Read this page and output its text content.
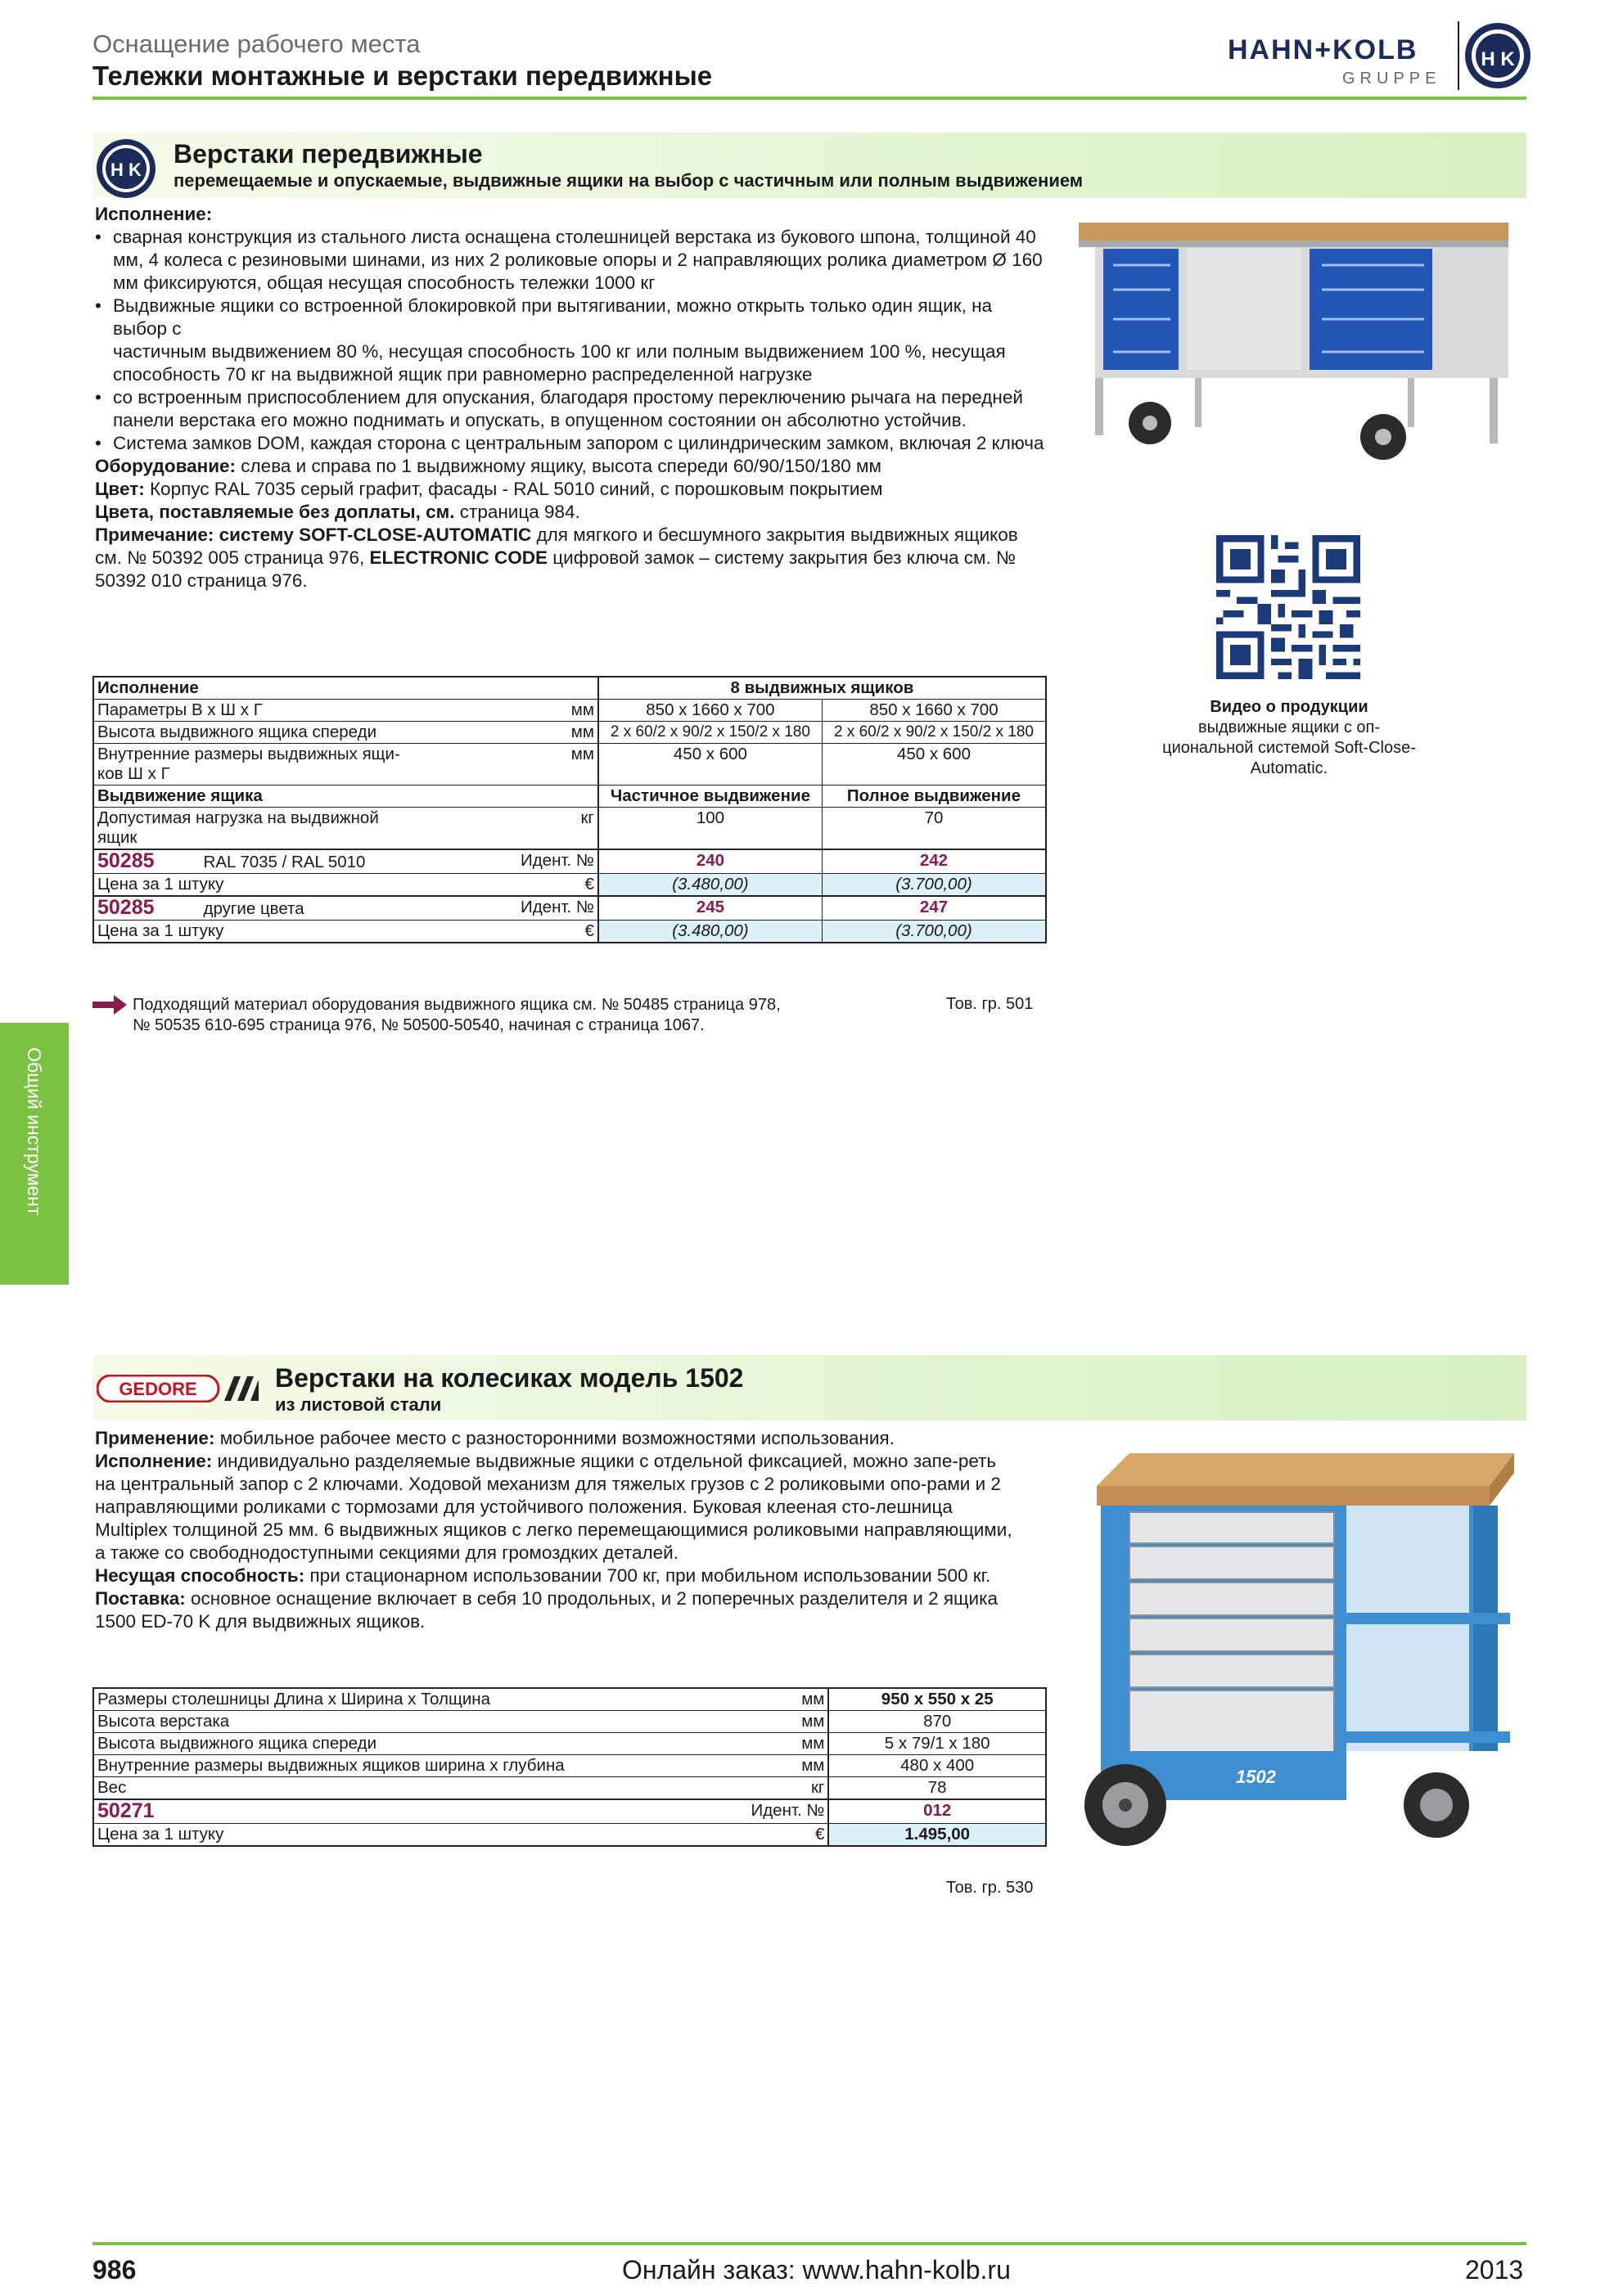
Оснащение рабочего места
Тележки монтажные и верстаки передвижные
HAHN+KOLB
GRUPPE
H K
H K
Верстаки передвижные
перемещаемые и опускаемые, выдвижные ящики на выбор с частичным или полным выдвижением

Исполнение:

• сварная конструкция из стального листа оснащена столешницей верстака из букового шпона, толщиной 40 мм, 4 колеса с резиновыми шинами, из них 2 роликовые опоры и 2 направляющих ролика диаметром Ø 160 мм фиксируются, общая несущая способность тележки 1000 кг

• Выдвижные ящики со встроенной блокировкой при вытягивании, можно открыть только один ящик, на выбор с

частичным выдвижением 80 %, несущая способность 100 кг или полным выдвижением 100 %, несущая способность 70 кг на выдвижной ящик при равномерно распределенной нагрузке

• со встроенным приспособлением для опускания, благодаря простому переключению рычага на передней панели верстака его можно поднимать и опускать, в опущенном состоянии он абсолютно устойчив.

• Система замков DOM, каждая сторона с центральным запором с цилиндрическим замком, включая 2 ключа

Оборудование: слева и справа по 1 выдвижному ящику, высота спереди 60/90/150/180 мм

Цвет: Корпус RAL 7035 серый графит, фасады - RAL 5010 синий, с порошковым покрытием

Цвета, поставляемые без доплаты, см. страница 984.

Примечание: системy SOFT-CLOSE-AUTOMATIC для мягкого и бесшумного закрытия выдвижных ящиков см. № 50392 005 страница 976, ELECTRONIC CODE цифровой замок – систему закрытия без ключа см. № 50392 010 страница 976.

Видео о продукции
выдвижные ящики с оп-циональной системой Soft-Close-Automatic.
Исполнение		8 выдвижных ящиков	
Параметры В х Ш х Г	мм	850 x 1660 x 700	850 x 1660 x 700
Высота выдвижного ящика спереди	мм	2 x 60/2 x 90/2 x 150/2 x 180	2 x 60/2 x 90/2 x 150/2 x 180
Внутренние размеры выдвижных ящи-ков Ш х Г	мм	450 x 600	450 x 600
Выдвижение ящика		Частичное выдвижение	Полное выдвижение
Допустимая нагрузка на выдвижной ящик	кг	100	70
50285 RAL 7035 / RAL 5010	Идент. №	240	242
Цена за 1 штуку	€	(3.480,00)	(3.700,00)
50285 другие цвета	Идент. №	245	247
Цена за 1 штуку	€	(3.480,00)	(3.700,00)
Подходящий материал оборудования выдвижного ящика см. № 50485 страница 978,
№ 50535 610-695 страница 976, № 50500-50540, начиная с страница 1067.
Тов. гр. 501
Общий инструмент
GEDORE	Верстаки на колесиках модель 1502
из листовой стали

Применение: мобильное рабочее место с разносторонними возможностями использования.

Исполнение: индивидуально разделяемые выдвижные ящики с отдельной фиксацией, можно запе-реть на центральный запор с 2 ключами. Ходовой механизм для тяжелых грузов с 2 роликовыми опо-рами и 2 направляющими роликами с тормозами для устойчивого положения. Буковая клееная сто-лешница Multiplex толщиной 25 мм. 6 выдвижных ящиков с легко перемещающимися роликовыми направляющими, а также со свободнодоступными секциями для громоздких деталей.

Несущая способность: при стационарном использовании 700 кг, при мобильном использовании 500 кг.

Поставка: основное оснащение включает в себя 10 продольных, и 2 поперечных разделителя и 2 ящика 1500 ED-70 K для выдвижных ящиков.

1502
Размеры столешницы Длина x Ширина x Толщина	мм	950 x 550 x 25
Высота верстака	мм	870
Высота выдвижного ящика спереди	мм	5 x 79/1 x 180
Внутренние размеры выдвижных ящиков ширина x глубина	мм	480 x 400
Вес	кг	78
50271	Идент. №	012
Цена за 1 штуку	€	1.495,00
Тов. гр. 530
986	Онлайн заказ: www.hahn-kolb.ru	2013
